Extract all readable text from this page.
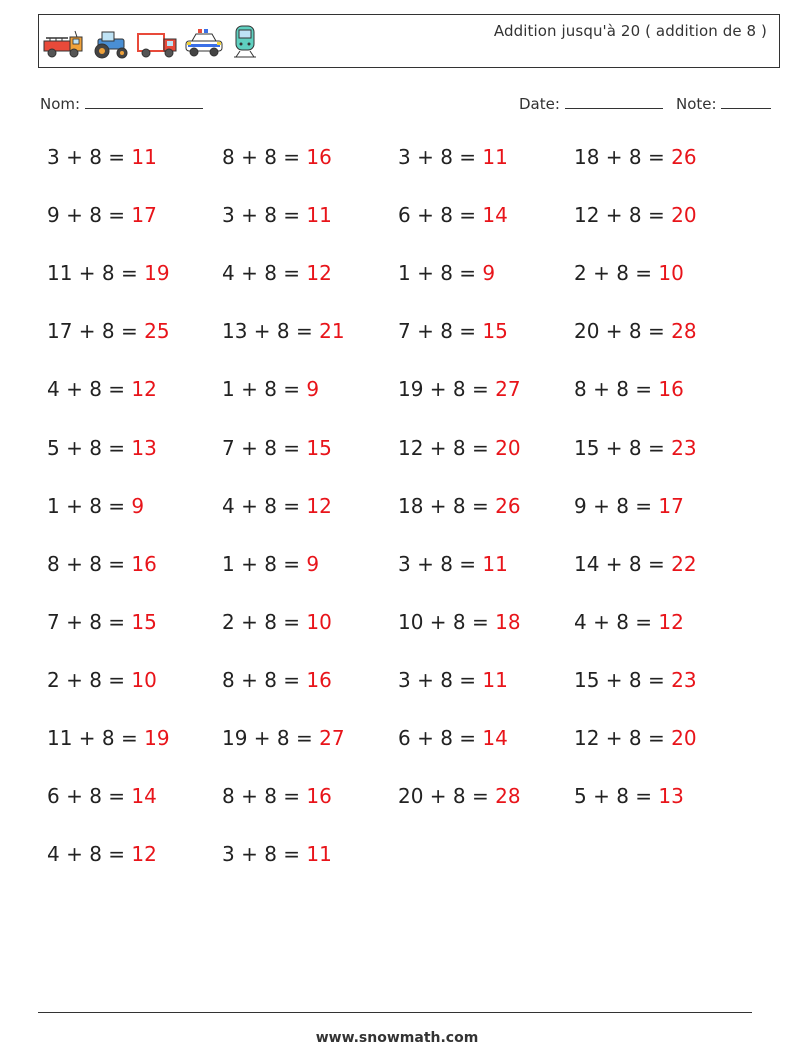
Addition jusqu'à 20 ( addition de 8 )
Nom:	Date:	Note:
3 + 8 = 11	8 + 8 = 16	3 + 8 = 11	18 + 8 = 26
9 + 8 = 17	3 + 8 = 11	6 + 8 = 14	12 + 8 = 20
11 + 8 = 19	4 + 8 = 12	1 + 8 = 9	2 + 8 = 10
17 + 8 = 25	13 + 8 = 21	7 + 8 = 15	20 + 8 = 28
4 + 8 = 12	1 + 8 = 9	19 + 8 = 27	8 + 8 = 16
5 + 8 = 13	7 + 8 = 15	12 + 8 = 20	15 + 8 = 23
1 + 8 = 9	4 + 8 = 12	18 + 8 = 26	9 + 8 = 17
8 + 8 = 16	1 + 8 = 9	3 + 8 = 11	14 + 8 = 22
7 + 8 = 15	2 + 8 = 10	10 + 8 = 18	4 + 8 = 12
2 + 8 = 10	8 + 8 = 16	3 + 8 = 11	15 + 8 = 23
11 + 8 = 19	19 + 8 = 27	6 + 8 = 14	12 + 8 = 20
6 + 8 = 14	8 + 8 = 16	20 + 8 = 28	5 + 8 = 13
4 + 8 = 12	3 + 8 = 11
www.snowmath.com
